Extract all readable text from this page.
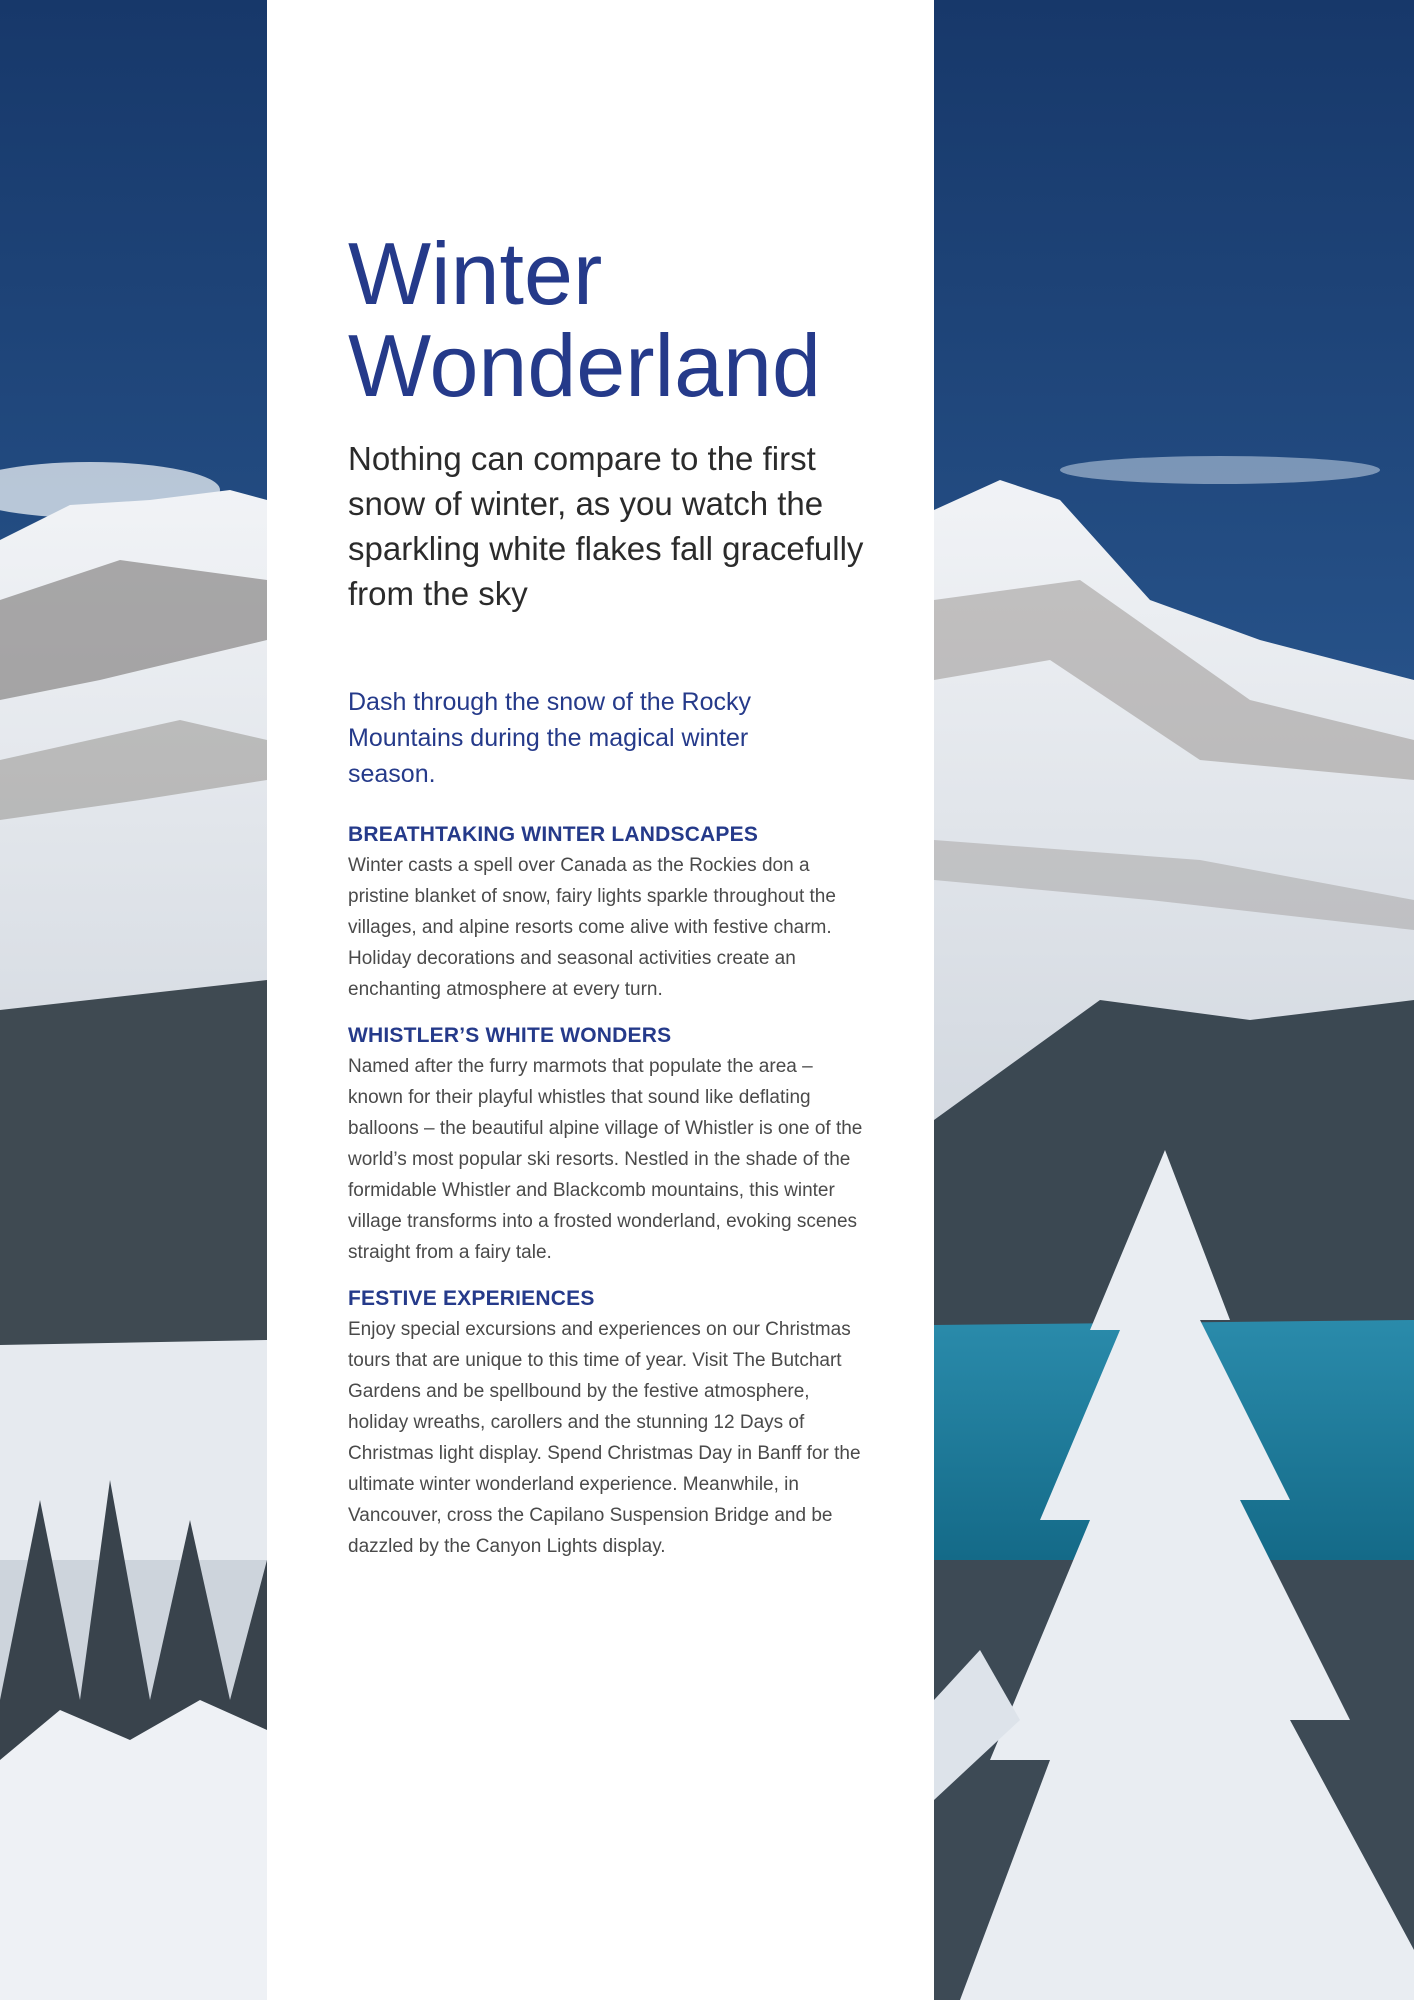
Winter
Wonderland

Nothing can compare to the first snow of winter, as you watch the sparkling white flakes fall gracefully from the sky

Dash through the snow of the Rocky Mountains during the magical winter season.

BREATHTAKING WINTER LANDSCAPES

Winter casts a spell over Canada as the Rockies don a pristine blanket of snow, fairy lights sparkle throughout the villages, and alpine resorts come alive with festive charm. Holiday decorations and seasonal activities create an enchanting atmosphere at every turn.

WHISTLER’S WHITE WONDERS

Named after the furry marmots that populate the area – known for their playful whistles that sound like deflating balloons – the beautiful alpine village of Whistler is one of the world’s most popular ski resorts. Nestled in the shade of the formidable Whistler and Blackcomb mountains, this winter village transforms into a frosted wonderland, evoking scenes straight from a fairy tale.

FESTIVE EXPERIENCES

Enjoy special excursions and experiences on our Christmas tours that are unique to this time of year. Visit The Butchart Gardens and be spellbound by the festive atmosphere, holiday wreaths, carollers and the stunning 12 Days of Christmas light display. Spend Christmas Day in Banff for the ultimate winter wonderland experience. Meanwhile, in Vancouver, cross the Capilano Suspension Bridge and be dazzled by the Canyon Lights display.
